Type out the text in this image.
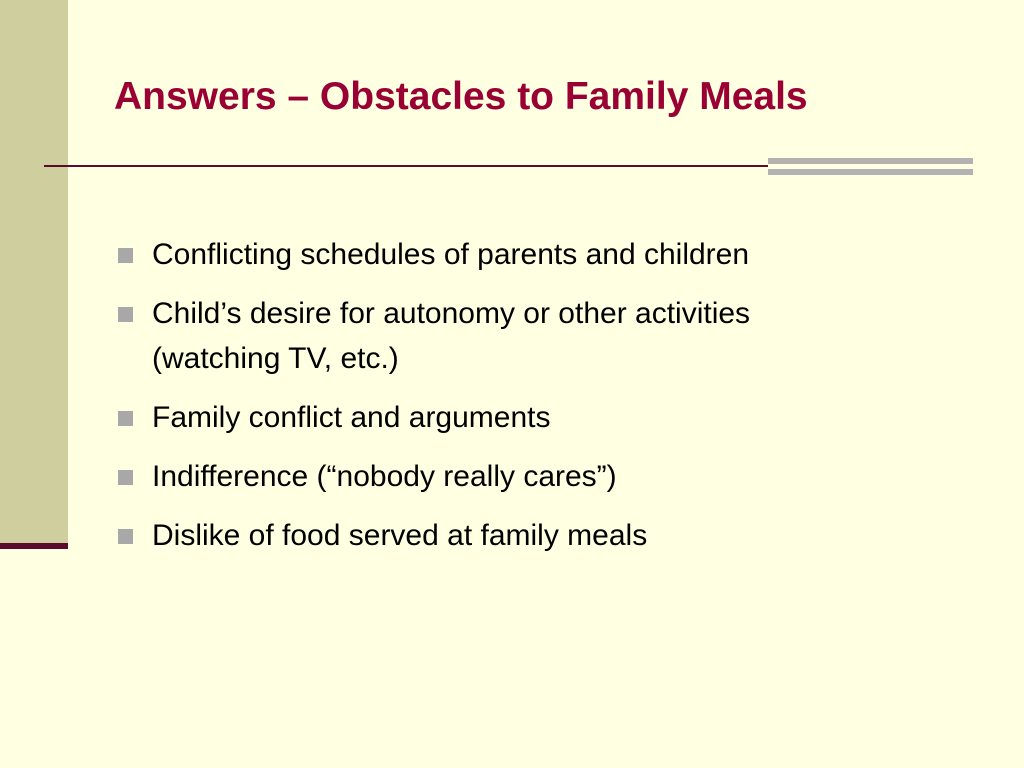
Answers – Obstacles to Family Meals
Conflicting schedules of parents and children
Child’s desire for autonomy or other activities (watching TV, etc.)
Family conflict and arguments
Indifference (“nobody really cares”)
Dislike of food served at family meals
